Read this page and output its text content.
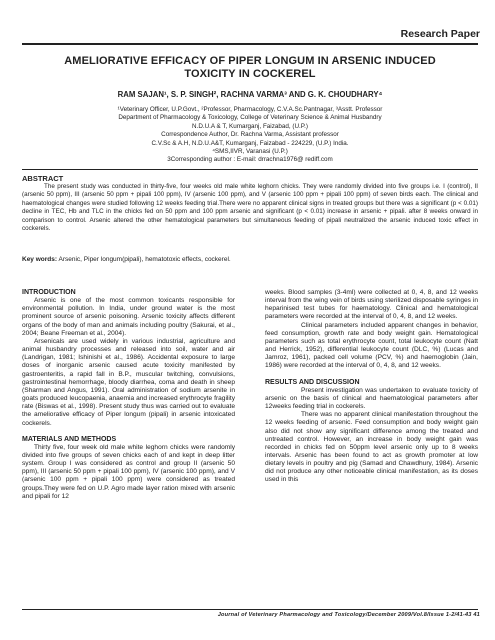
Research Paper
AMELIORATIVE EFFICACY OF PIPER LONGUM IN ARSENIC INDUCED
TOXICITY IN COCKEREL
RAM SAJAN¹, S. P. SINGH², RACHNA VARMA³ AND G. K. CHOUDHARY⁴
¹Veterinary Officer, U.P.Govt., ²Professor, Pharmacology, C.V.A.Sc.Pantnagar, ³Asstt. Professor
Department of Pharmacology & Toxicology, College of Veterinary Science & Animal Husbandry
N.D.U.A & T, Kumarganj, Faizabad, (U.P.)
Correspondence Author, Dr. Rachna Varma, Assistant professor
C.V.Sc & A.H, N.D.U.A&T, Kumarganj, Faizabad - 224229, (U.P.) India.
⁴SMS,IIVR, Varanasi (U.P.)
3Corresponding author : E-mail: drrachna1976@ rediff.com
ABSTRACT
The present study was conducted in thirty-five, four weeks old male white leghorn chicks. They were randomly divided into five groups i.e. I (control), II (arsenic 50 ppm), III (arsenic 50 ppm + pipali 100 ppm), IV (arsenic 100 ppm), and V (arsenic 100 ppm + pipali 100 ppm) of seven birds each. The clinical and haematological changes were studied following 12 weeks feeding trial.There were no apparent clinical signs in treated groups but there was a significant (p < 0.01) decline in TEC, Hb and TLC in the chicks fed on 50 ppm and 100 ppm arsenic and significant (p < 0.01) increase in arsenic + pipali. after 8 weeks onward in comparison to control. Arsenic altered the other hematological parameters but simultaneous feeding of pipali neutralized the arsenic induced toxic effect in cockerels.
Key words: Arsenic, Piper longum(pipali), hematotoxic effects, cockerel.

INTRODUCTION

Arsenic is one of the most common toxicants responsible for environmental pollution. In India, under ground water is the most prominent source of arsenic poisoning. Arsenic toxicity affects different organs of the body of man and animals including poultry (Sakurai, et al., 2004; Beane Freeman et al., 2004).

Arsenicals are used widely in various industrial, agriculture and animal husbandry processes and released into soil, water and air (Landrigan, 1981; Ishinishi et al., 1986). Accidental exposure to large doses of inorganic arsenic caused acute toxicity manifested by gastroenteritis, a rapid fall in B.P., muscular twitching, convulsions, gastrointestinal hemorrhage, bloody diarrhea, coma and death in sheep (Sharman and Angus, 1991). Oral administration of sodium arsenite in goats produced leucopaenia, anaemia and increased erythrocyte fragility rate (Biswas et al., 1998). Present study thus was carried out to evaluate the ameliorative efficacy of Piper longum (pipali) in arsenic intoxicated cockerels.

MATERIALS AND METHODS

Thirty five, four week old male white leghorn chicks were randomly divided into five groups of seven chicks each of and kept in deep litter system. Group I was considered as control and group II (arsenic 50 ppm), III (arsenic 50 ppm + pipali 100 ppm), IV (arsenic 100 ppm), and V (arsenic 100 ppm + pipali 100 ppm) were considered as treated groups.They were fed on U.P. Agro made layer ration mixed with arsenic and pipali for 12

weeks. Blood samples (3-4ml) were collected at 0, 4, 8, and 12 weeks interval from the wing vein of birds using sterilized disposable syringes in heparinised test tubes for haematology. Clinical and hematological parameters were recorded at the interval of 0, 4, 8, and 12 weeks.

Clinical parameters included apparent changes in behavior, feed consumption, growth rate and body weight gain. Hematological parameters such as total erythrocyte count, total leukocyte count (Natt and Herrick, 1952), differential leukocyte count (DLC, %) (Lucas and Jamroz, 1961), packed cell volume (PCV, %) and haemoglobin (Jain, 1986) were recorded at the interval of 0, 4, 8, and 12 weeks.

RESULTS AND DISCUSSION

Present investigation was undertaken to evaluate toxicity of arsenic on the basis of clinical and haematological parameters after 12weeks feeding trial in cockerels.

There was no apparent clinical manifestation throughout the 12 weeks feeding of arsenic. Feed consumption and body weight gain also did not show any significant difference among the treated and untreated control. However, an increase in body weight gain was recorded in chicks fed on 50ppm level arsenic only up to 8 weeks intervals. Arsenic has been found to act as growth promoter at low dietary levels in poultry and pig (Samad and Chawdhury, 1984). Arsenic did not produce any other noticeable clinical manifestation, as its doses used in this

Journal of Veterinary Pharmacology and Toxicology/December 2009/Vol.8/Issue 1-2/41-43 41
